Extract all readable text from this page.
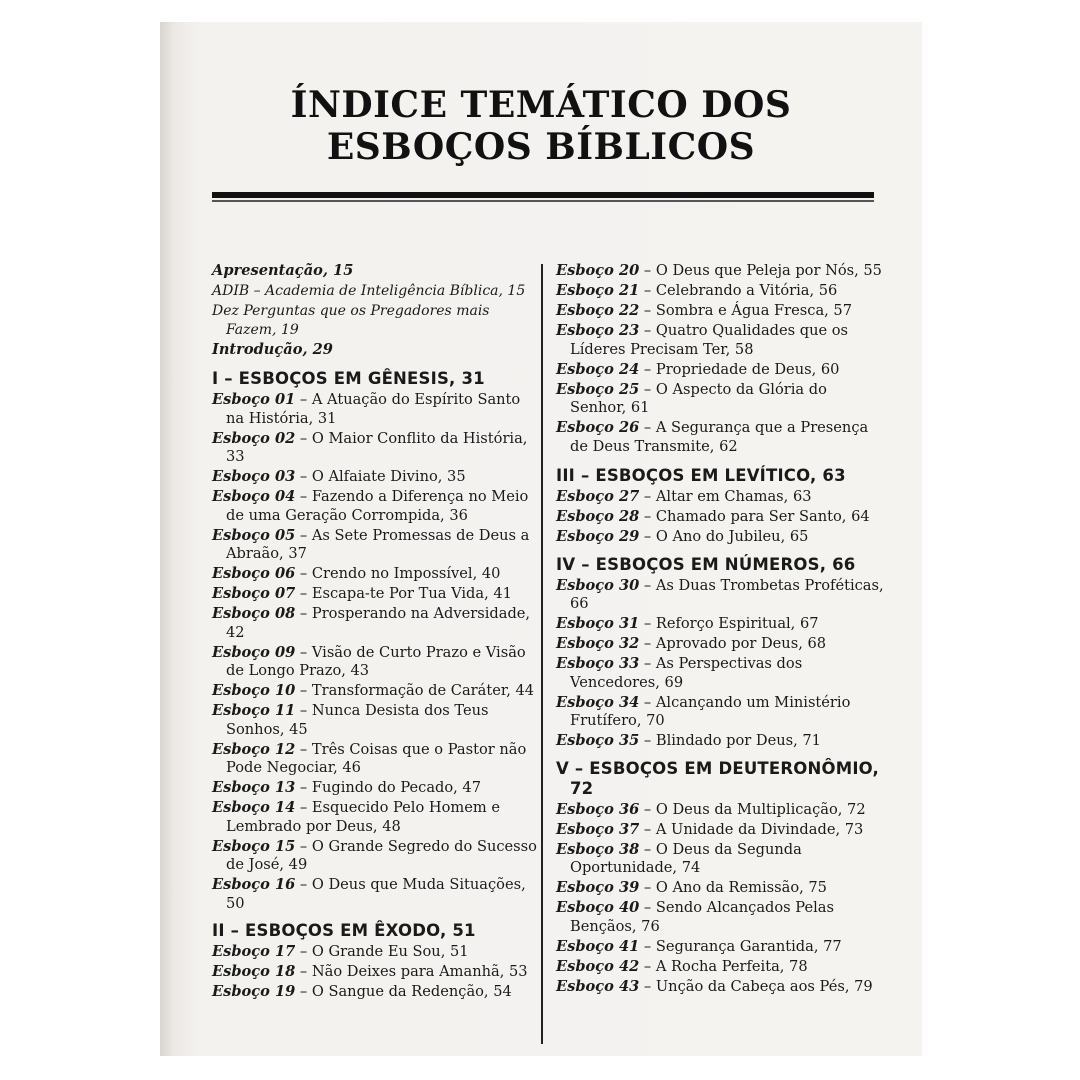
ÍNDICE TEMÁTICO DOS
ESBOÇOS BÍBLICOS
Apresentação, 15
ADIB – Academia de Inteligência Bíblica, 15
Dez Perguntas que os Pregadores mais Fazem, 19
Introdução, 29
I – ESBOÇOS EM GÊNESIS, 31
Esboço 01 – A Atuação do Espírito Santo na História, 31
Esboço 02 – O Maior Conflito da História, 33
Esboço 03 – O Alfaiate Divino, 35
Esboço 04 – Fazendo a Diferença no Meio de uma Geração Corrompida, 36
Esboço 05 – As Sete Promessas de Deus a Abraão, 37
Esboço 06 – Crendo no Impossível, 40
Esboço 07 – Escapa-te Por Tua Vida, 41
Esboço 08 – Prosperando na Adversidade, 42
Esboço 09 – Visão de Curto Prazo e Visão de Longo Prazo, 43
Esboço 10 – Transformação de Caráter, 44
Esboço 11 – Nunca Desista dos Teus Sonhos, 45
Esboço 12 – Três Coisas que o Pastor não Pode Negociar, 46
Esboço 13 – Fugindo do Pecado, 47
Esboço 14 – Esquecido Pelo Homem e Lembrado por Deus, 48
Esboço 15 – O Grande Segredo do Sucesso de José, 49
Esboço 16 – O Deus que Muda Situações, 50
II – ESBOÇOS EM ÊXODO, 51
Esboço 17 – O Grande Eu Sou, 51
Esboço 18 – Não Deixes para Amanhã, 53
Esboço 19 – O Sangue da Redenção, 54
Esboço 20 – O Deus que Peleja por Nós, 55
Esboço 21 – Celebrando a Vitória, 56
Esboço 22 – Sombra e Água Fresca, 57
Esboço 23 – Quatro Qualidades que os Líderes Precisam Ter, 58
Esboço 24 – Propriedade de Deus, 60
Esboço 25 – O Aspecto da Glória do Senhor, 61
Esboço 26 – A Segurança que a Presença de Deus Transmite, 62
III – ESBOÇOS EM LEVÍTICO, 63
Esboço 27 – Altar em Chamas, 63
Esboço 28 – Chamado para Ser Santo, 64
Esboço 29 – O Ano do Jubileu, 65
IV – ESBOÇOS EM NÚMEROS, 66
Esboço 30 – As Duas Trombetas Proféticas, 66
Esboço 31 – Reforço Espiritual, 67
Esboço 32 – Aprovado por Deus, 68
Esboço 33 – As Perspectivas dos Vencedores, 69
Esboço 34 – Alcançando um Ministério Frutífero, 70
Esboço 35 – Blindado por Deus, 71
V – ESBOÇOS EM DEUTERONÔMIO, 72
Esboço 36 – O Deus da Multiplicação, 72
Esboço 37 – A Unidade da Divindade, 73
Esboço 38 – O Deus da Segunda Oportunidade, 74
Esboço 39 – O Ano da Remissão, 75
Esboço 40 – Sendo Alcançados Pelas Bençãos, 76
Esboço 41 – Segurança Garantida, 77
Esboço 42 – A Rocha Perfeita, 78
Esboço 43 – Unção da Cabeça aos Pés, 79
